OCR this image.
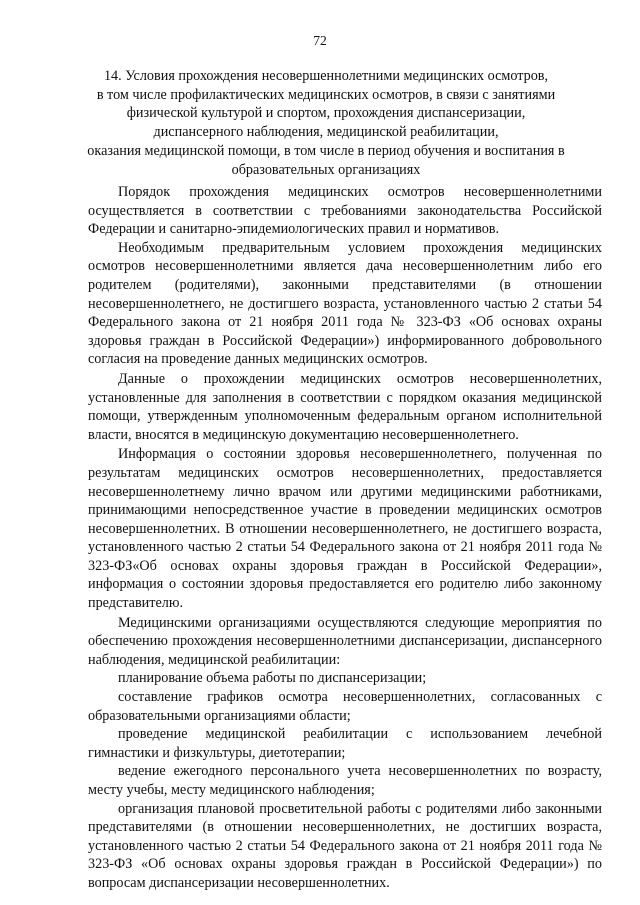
72
14. Условия прохождения несовершеннолетними медицинских осмотров,
в том числе профилактических медицинских осмотров, в связи с занятиями
физической культурой и спортом, прохождения диспансеризации,
диспансерного наблюдения, медицинской реабилитации,
оказания медицинской помощи, в том числе в период обучения и воспитания в
образовательных организациях

Порядок прохождения медицинских осмотров несовершеннолетними осуществляется в соответствии с требованиями законодательства Российской Федерации и санитарно-эпидемиологических правил и нормативов.

Необходимым предварительным условием прохождения медицинских осмотров несовершеннолетними является дача несовершеннолетним либо его родителем (родителями), законными представителями (в отношении несовершеннолетнего, не достигшего возраста, установленного частью 2 статьи 54 Федерального закона от 21 ноября 2011 года № 323-ФЗ «Об основах охраны здоровья граждан в Российской Федерации») информированного добровольного согласия на проведение данных медицинских осмотров.

Данные о прохождении медицинских осмотров несовершеннолетних, установленные для заполнения в соответствии с порядком оказания медицинской помощи, утвержденным уполномоченным федеральным органом исполнительной власти, вносятся в медицинскую документацию несовершеннолетнего.

Информация о состоянии здоровья несовершеннолетнего, полученная по результатам медицинских осмотров несовершеннолетних, предоставляется несовершеннолетнему лично врачом или другими медицинскими работниками, принимающими непосредственное участие в проведении медицинских осмотров несовершеннолетних. В отношении несовершеннолетнего, не достигшего возраста, установленного частью 2 статьи 54 Федерального закона от 21 ноября 2011 года № 323-ФЗ«Об основах охраны здоровья граждан в Российской Федерации», информация о состоянии здоровья предоставляется его родителю либо законному представителю.

Медицинскими организациями осуществляются следующие мероприятия по обеспечению прохождения несовершеннолетними диспансеризации, диспансерного наблюдения, медицинской реабилитации:

планирование объема работы по диспансеризации;

составление графиков осмотра несовершеннолетних, согласованных с образовательными организациями области;

проведение медицинской реабилитации с использованием лечебной гимнастики и физкультуры, диетотерапии;

ведение ежегодного персонального учета несовершеннолетних по возрасту, месту учебы, месту медицинского наблюдения;

организация плановой просветительной работы с родителями либо законными представителями (в отношении несовершеннолетних, не достигших возраста, установленного частью 2 статьи 54 Федерального закона от 21 ноября 2011 года № 323-ФЗ «Об основах охраны здоровья граждан в Российской Федерации») по вопросам диспансеризации несовершеннолетних.
